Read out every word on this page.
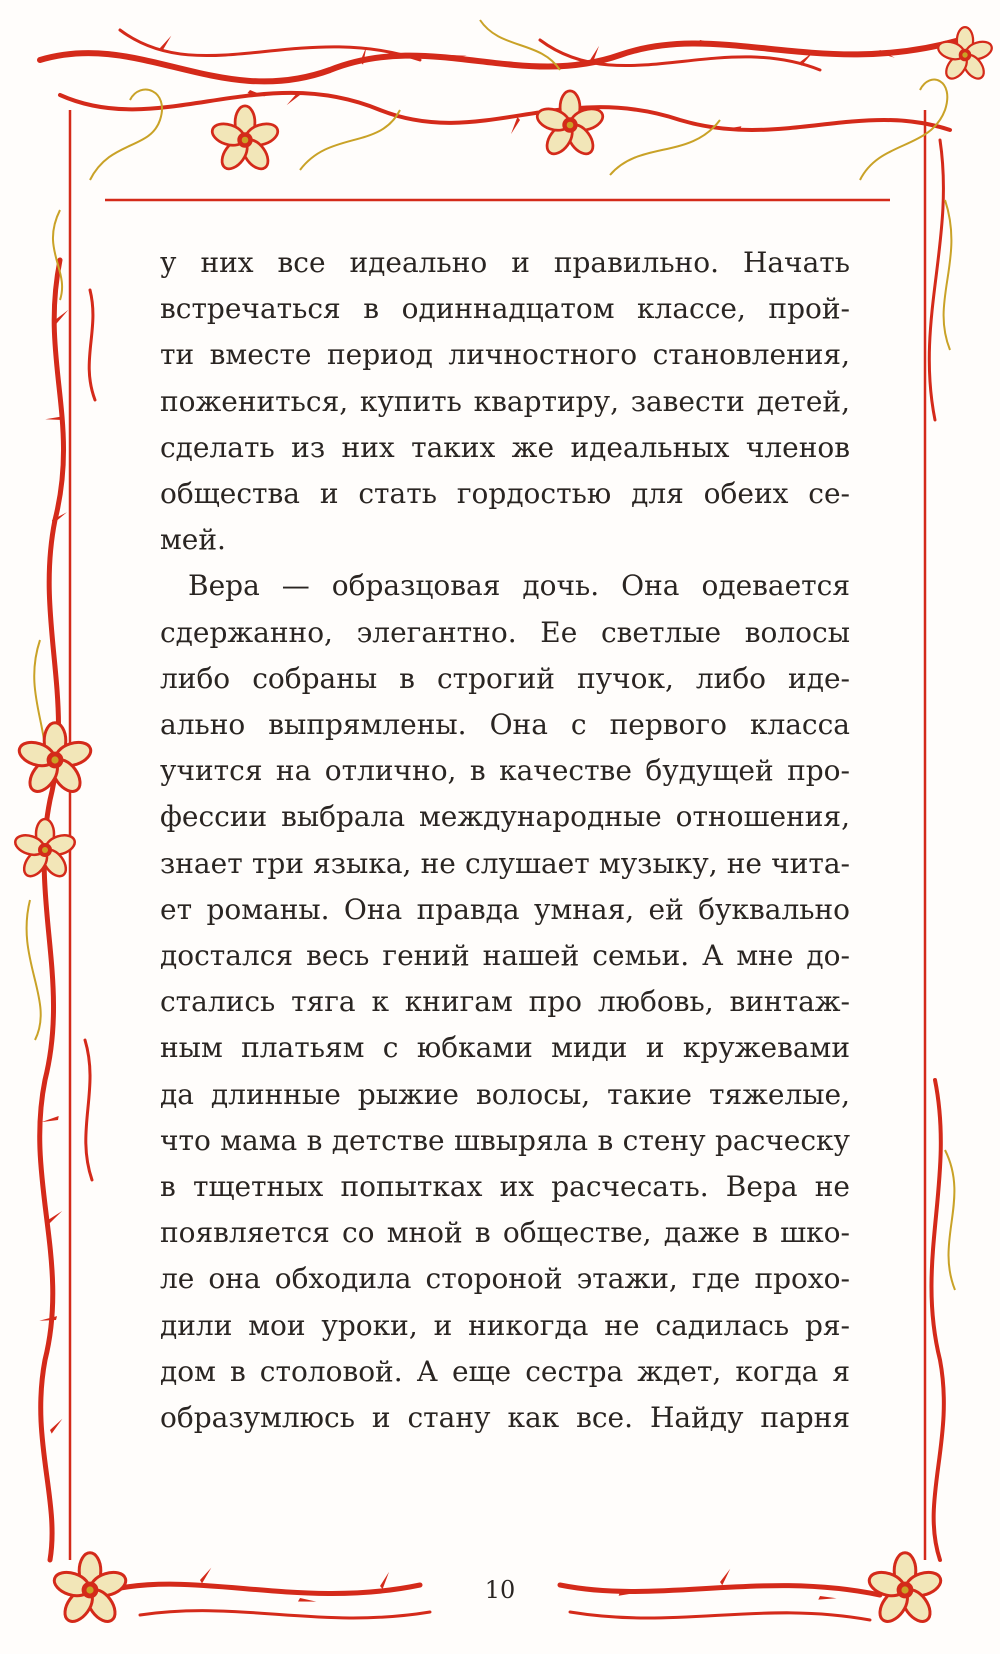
у них все идеально и правильно. Начать

встречаться в одиннадцатом классе, прой-

ти вместе период личностного становления,

пожениться, купить квартиру, завести детей,

сделать из них таких же идеальных членов

общества и стать гордостью для обеих се-

мей.

Вера — образцовая дочь. Она одевается

сдержанно, элегантно. Ее светлые волосы

либо собраны в строгий пучок, либо иде-

ально выпрямлены. Она с первого класса

учится на отлично, в качестве будущей про-

фессии выбрала международные отношения,

знает три языка, не слушает музыку, не чита-

ет романы. Она правда умная, ей буквально

достался весь гений нашей семьи. А мне до-

стались тяга к книгам про любовь, винтаж-

ным платьям с юбками миди и кружевами

да длинные рыжие волосы, такие тяжелые,

что мама в детстве швыряла в стену расческу

в тщетных попытках их расчесать. Вера не

появляется со мной в обществе, даже в шко-

ле она обходила стороной этажи, где прохо-

дили мои уроки, и никогда не садилась ря-

дом в столовой. А еще сестра ждет, когда я

образумлюсь и стану как все. Найду парня

10
